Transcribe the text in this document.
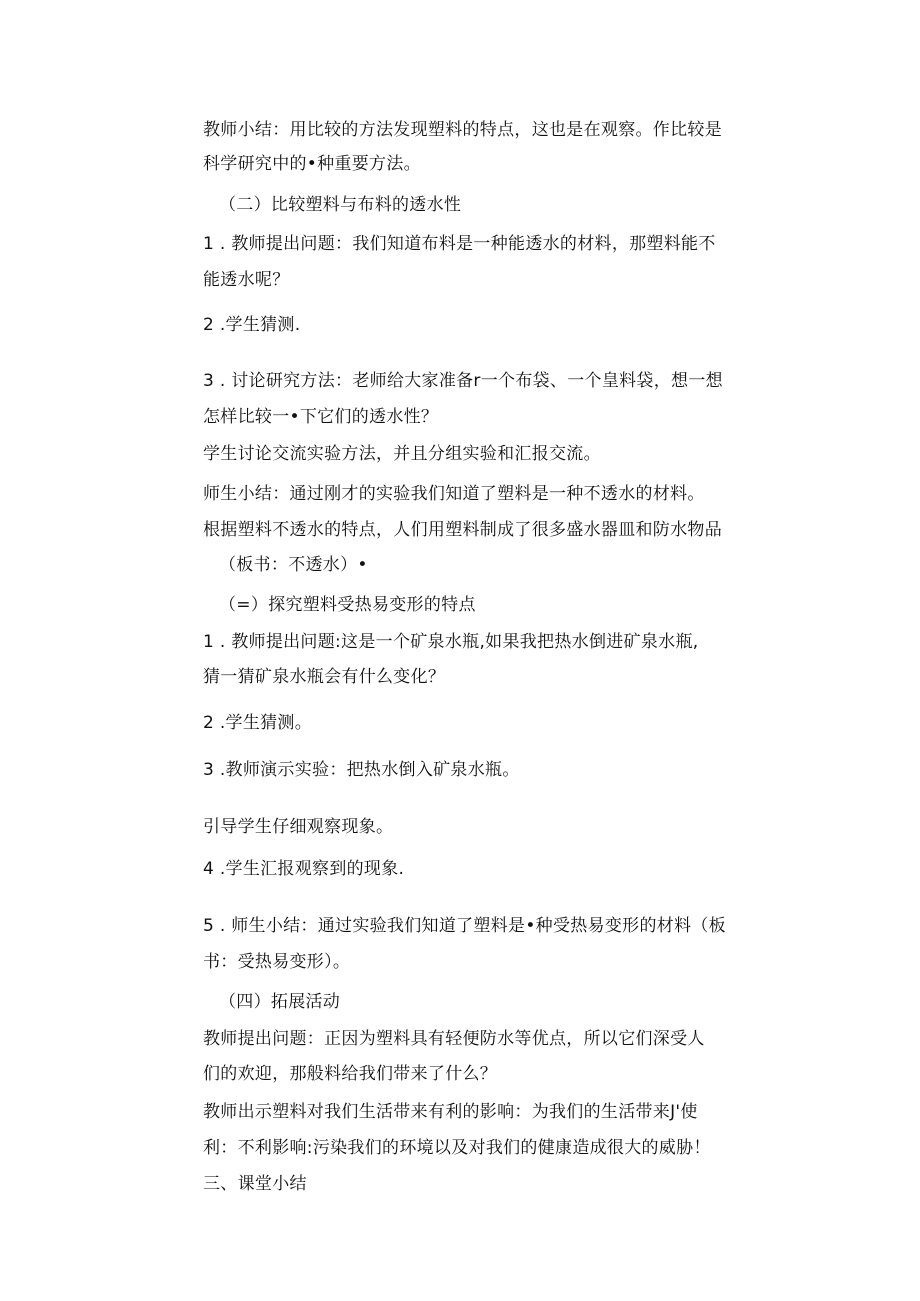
教师小结：用比较的方法发现塑料的特点，这也是在观察。作比较是
科学研究中的•种重要方法。
（二）比较塑料与布料的透水性
1 . 教师提出问题：我们知道布料是一种能透水的材料，那塑料能不
能透水呢？
2 .学生猜测.
3 . 讨论研究方法：老师给大家准备r一个布袋、一个皇料袋，想一想
怎样比较一•下它们的透水性？
学生讨论交流实验方法，并且分组实验和汇报交流。
师生小结：通过刚才的实验我们知道了塑料是一种不透水的材料。
根据塑料不透水的特点，人们用塑料制成了很多盛水器皿和防水物品
（板书：不透水）•
（=）探究塑料受热易变形的特点
1 . 教师提出问题:这是一个矿泉水瓶,如果我把热水倒进矿泉水瓶,
猜一猜矿泉水瓶会有什么变化？
2 .学生猜测。
3 .教师演示实验：把热水倒入矿泉水瓶。
引导学生仔细观察现象。
4 .学生汇报观察到的现象.
5 . 师生小结：通过实验我们知道了塑料是•种受热易变形的材料（板
书：受热易变形）。
（四）拓展活动
教师提出问题：正因为塑料具有轻便防水等优点，所以它们深受人
们的欢迎，那般料给我们带来了什么？
教师出示塑料对我们生活带来有利的影响：为我们的生活带来J'使
利：不利影响:污染我们的环境以及对我们的健康造成很大的威胁！
三、课堂小结
